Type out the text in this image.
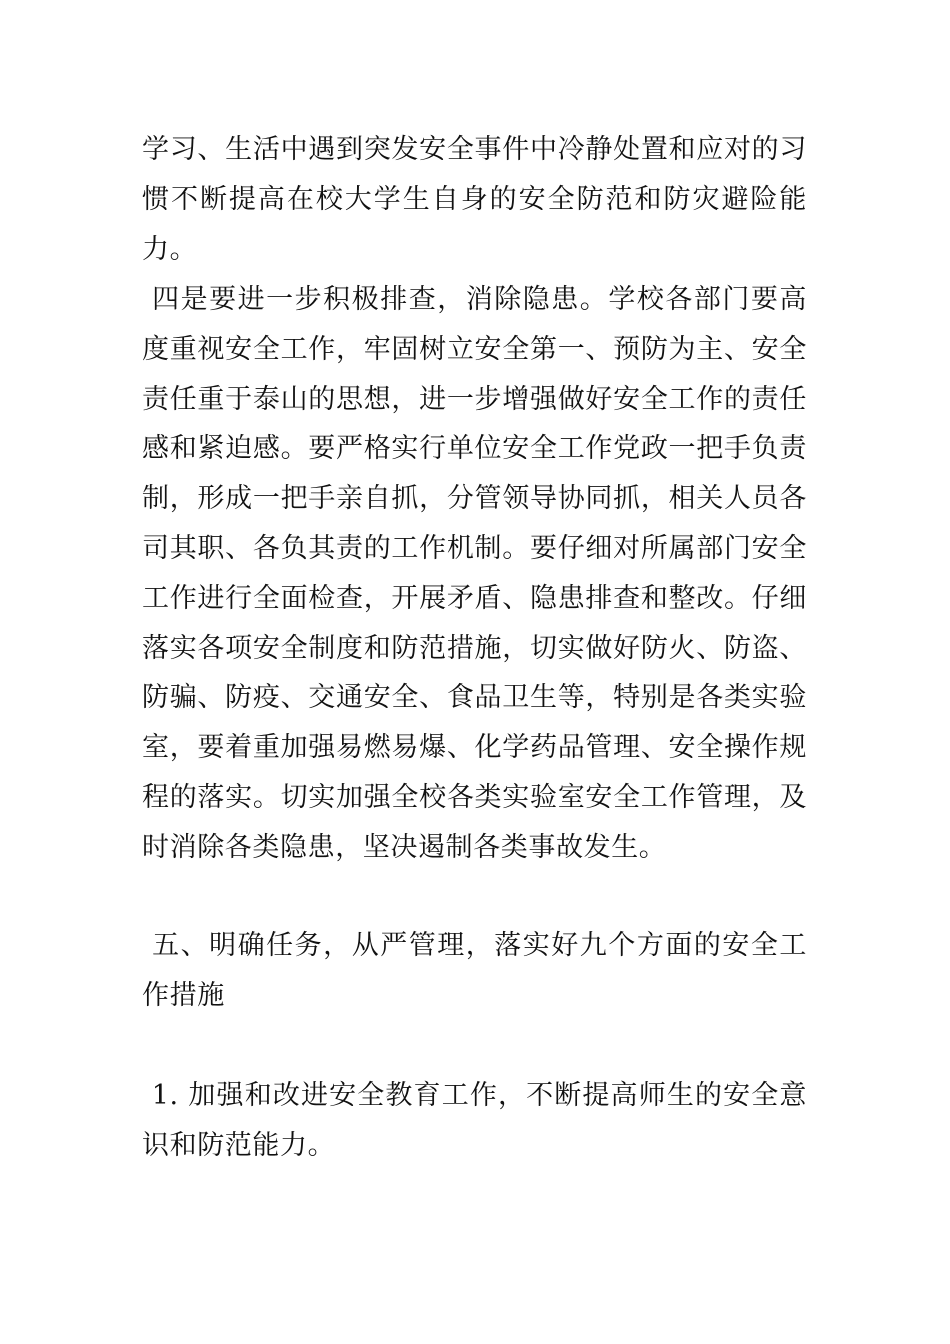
学习、生活中遇到突发安全事件中冷静处置和应对的习惯不断提高在校大学生自身的安全防范和防灾避险能力。

四是要进一步积极排查，消除隐患。学校各部门要高度重视安全工作，牢固树立安全第一、预防为主、安全责任重于泰山的思想，进一步增强做好安全工作的责任感和紧迫感。要严格实行单位安全工作党政一把手负责制，形成一把手亲自抓，分管领导协同抓，相关人员各司其职、各负其责的工作机制。要仔细对所属部门安全工作进行全面检查，开展矛盾、隐患排查和整改。仔细落实各项安全制度和防范措施，切实做好防火、防盗、防骗、防疫、交通安全、食品卫生等，特别是各类实验室，要着重加强易燃易爆、化学药品管理、安全操作规程的落实。切实加强全校各类实验室安全工作管理，及时消除各类隐患，坚决遏制各类事故发生。

五、明确任务，从严管理，落实好九个方面的安全工作措施

1. 加强和改进安全教育工作，不断提高师生的安全意识和防范能力。
